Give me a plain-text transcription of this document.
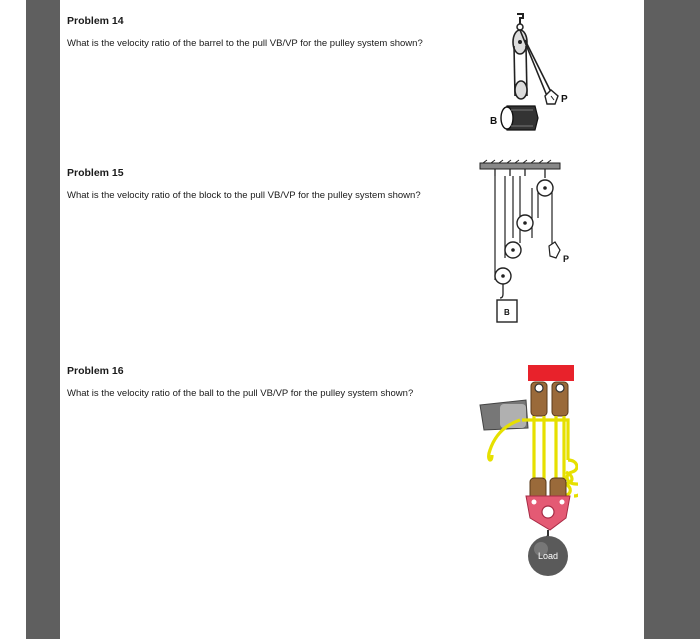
Problem 14

What is the velocity ratio of the barrel to the pull VB/VP for the pulley system shown?

P
B
Problem 15

What is the velocity ratio of the block to the pull VB/VP for the pulley system shown?

P
B
Problem 16

What is the velocity ratio of the ball to the pull VB/VP for the pulley system shown?

Load
